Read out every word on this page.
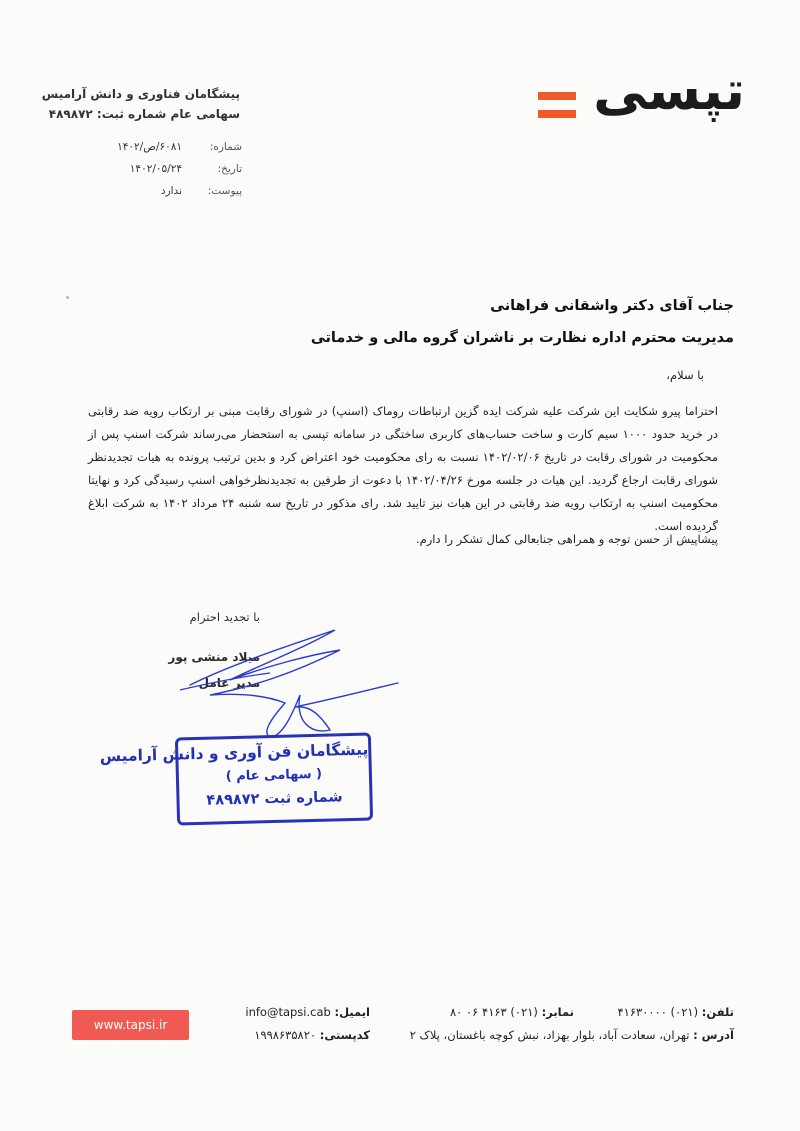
تپسی
پیشگامان فناوری و دانش آرامیس
سهامی عام شماره ثبت: ۴۸۹۸۷۲
شماره:
۶۰۸۱/ص/۱۴۰۲
تاریخ:
۱۴۰۲/۰۵/۲۴
پیوست:
ندارد
جناب آقای دکتر واشقانی فراهانی
مدیریت محترم اداره نظارت بر ناشران گروه مالی و خدماتی
با سلام،
احتراما پیرو شکایت این شرکت علیه شرکت ایده گزین ارتباطات روماک (اسنپ) در شورای رقابت مبنی بر ارتکاب رویه ضد رقابتی در خرید حدود ۱۰۰۰ سیم کارت و ساخت حساب‌های کاربری ساختگی در سامانه تپسی به استحضار می‌رساند شرکت اسنپ پس از محکومیت در شورای رقابت در تاریخ ۱۴۰۲/۰۲/۰۶ نسبت به رای محکومیت خود اعتراض کرد و بدین ترتیب پرونده به هیات تجدیدنظر شورای رقابت ارجاع گردید. این هیات در جلسه مورخ ۱۴۰۲/۰۴/۲۶ با دعوت از طرفین به تجدیدنظرخواهی اسنپ رسیدگی کرد و نهایتا محکومیت اسنپ به ارتکاب رویه ضد رقابتی در این هیات نیز تایید شد. رای مذکور در تاریخ سه شنبه ۲۴ مرداد ۱۴۰۲ به شرکت ابلاغ گردیده است.
پیشاپیش از حسن توجه و همراهی جنابعالی کمال تشکر را دارم.
با تجدید احترام
میلاد منشی پور
مدیر عامل
پیشگامان فن آوری و دانش آرامیس
( سهامی عام )
شماره ثبت ۴۸۹۸۷۲
www.tapsi.ir
ایمیل: info@tapsi.cab
کدپستی: ۱۹۹۸۶۳۵۸۲۰
نمابر: (۰۲۱) ۴۱۶۳ ۰۶ ۸۰	تلفن: (۰۲۱) ۴۱۶۳۰۰۰۰
آدرس : تهران، سعادت آباد، بلوار بهزاد، نبش کوچه باغستان، پلاک ۲
